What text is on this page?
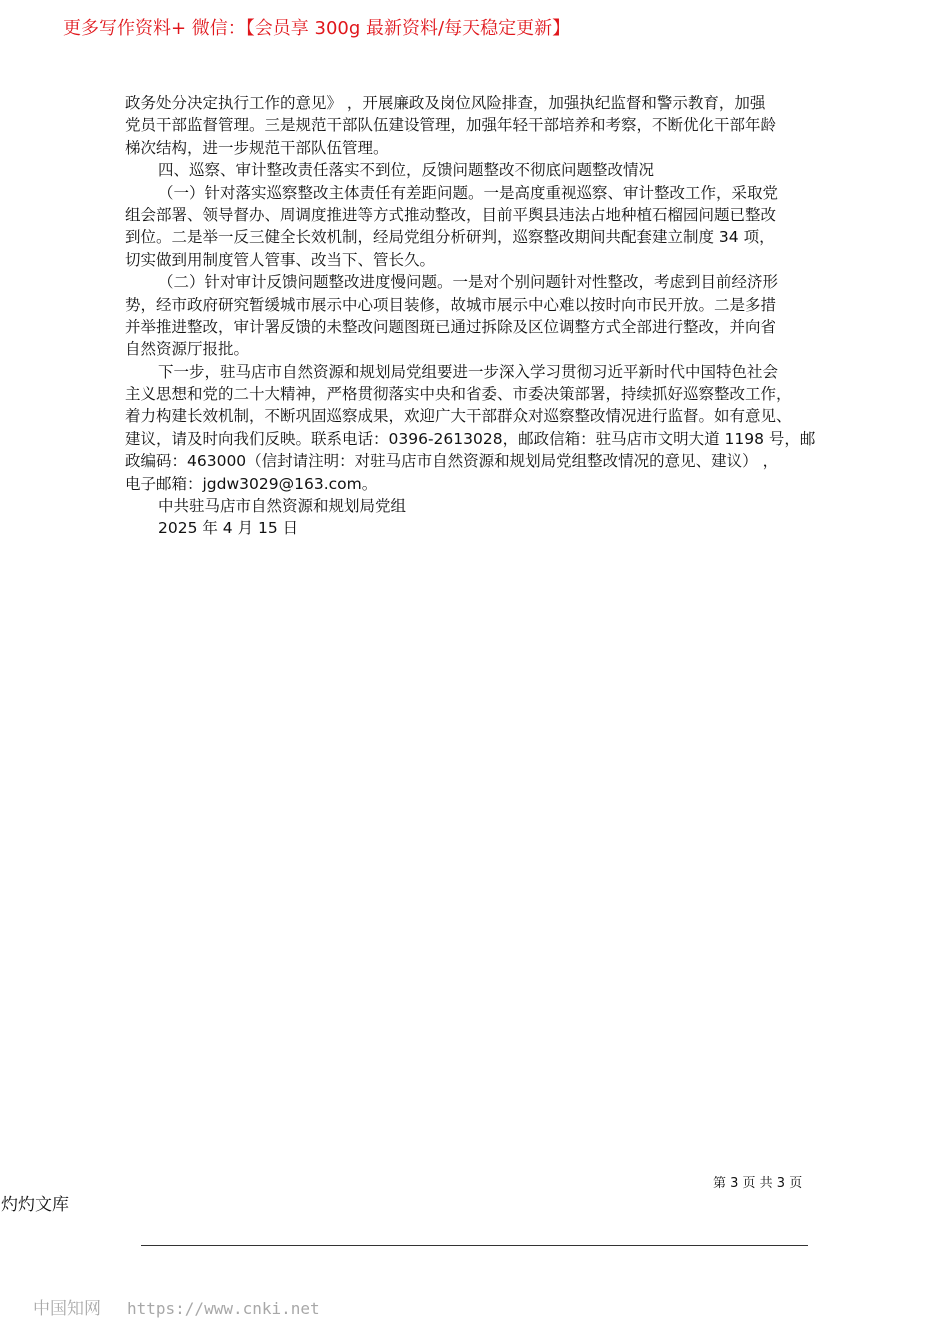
更多写作资料+ 微信：【会员享 300g 最新资料/每天稳定更新】
政务处分决定执行工作的意见》 ，开展廉政及岗位风险排查，加强执纪监督和警示教育，加强
党员干部监督管理。三是规范干部队伍建设管理，加强年轻干部培养和考察，不断优化干部年龄
梯次结构，进一步规范干部队伍管理。
四、巡察、审计整改责任落实不到位，反馈问题整改不彻底问题整改情况
（一）针对落实巡察整改主体责任有差距问题。一是高度重视巡察、审计整改工作，采取党
组会部署、领导督办、周调度推进等方式推动整改，目前平舆县违法占地种植石榴园问题已整改
到位。二是举一反三健全长效机制，经局党组分析研判，巡察整改期间共配套建立制度 34 项，
切实做到用制度管人管事、改当下、管长久。
（二）针对审计反馈问题整改进度慢问题。一是对个别问题针对性整改，考虑到目前经济形
势，经市政府研究暂缓城市展示中心项目装修，故城市展示中心难以按时向市民开放。二是多措
并举推进整改，审计署反馈的未整改问题图斑已通过拆除及区位调整方式全部进行整改，并向省
自然资源厅报批。
下一步，驻马店市自然资源和规划局党组要进一步深入学习贯彻习近平新时代中国特色社会
主义思想和党的二十大精神，严格贯彻落实中央和省委、市委决策部署，持续抓好巡察整改工作，
着力构建长效机制，不断巩固巡察成果，欢迎广大干部群众对巡察整改情况进行监督。如有意见、
建议，请及时向我们反映。联系电话：0396-2613028，邮政信箱：驻马店市文明大道 1198 号，邮
政编码：463000（信封请注明：对驻马店市自然资源和规划局党组整改情况的意见、建议） ，
电子邮箱：jgdw3029@163.com。
中共驻马店市自然资源和规划局党组
2025 年 4 月 15 日
第 3 页 共 3 页
灼灼文库
中国知网 https://www.cnki.net
